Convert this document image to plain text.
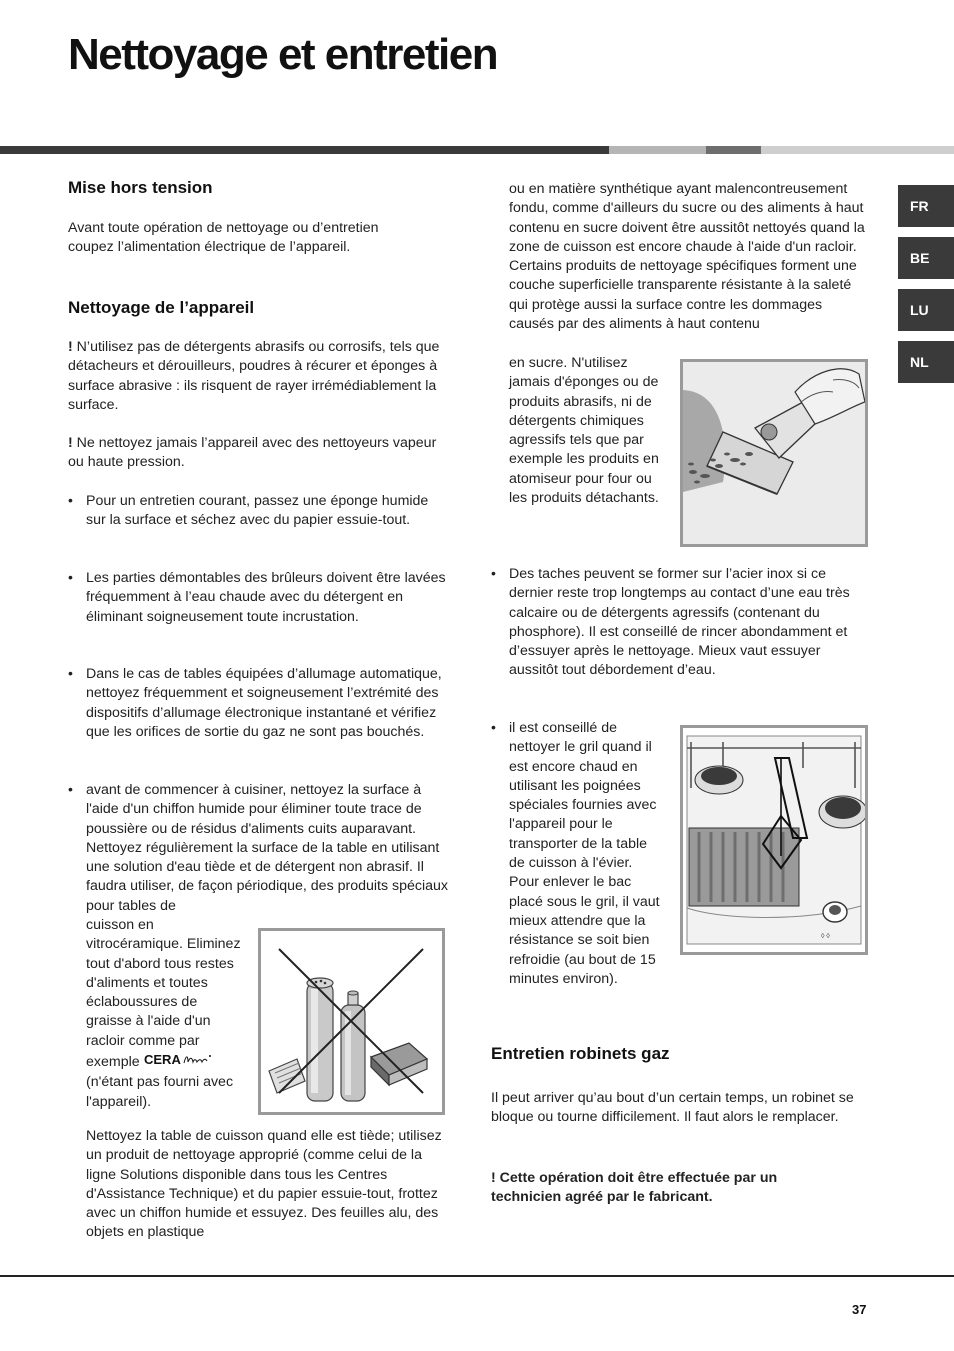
Nettoyage et entretien
FR
BE
LU
NL
Mise hors tension

Avant toute opération de nettoyage ou d’entretien coupez l’alimentation électrique de l’appareil.

Nettoyage de l’appareil

! N’utilisez pas de détergents abrasifs ou corrosifs, tels que détacheurs et dérouilleurs, poudres à récurer et éponges à surface abrasive : ils risquent de rayer irrémédiablement la surface.

! Ne nettoyez jamais l’appareil avec des nettoyeurs vapeur ou haute pression.

• Pour un entretien courant, passez une éponge humide sur la surface et séchez avec du papier essuie-tout.

• Les parties démontables des brûleurs doivent être lavées fréquemment à l’eau chaude avec du détergent en éliminant soigneusement toute incrustation.

• Dans le cas de tables équipées d’allumage automatique, nettoyez fréquemment et soigneusement l’extrémité des dispositifs d’allumage électronique instantané et vérifiez que les orifices de sortie du gaz ne sont pas bouchés.

• avant de commencer à cuisiner, nettoyez la surface à l'aide d'un chiffon humide pour éliminer toute trace de poussière ou de résidus d'aliments cuits auparavant. Nettoyez régulièrement la surface de la table en utilisant une solution d'eau tiède et de détergent non abrasif. Il faudra utiliser, de façon périodique, des produits spéciaux pour tables de

cuisson en vitrocéramique. Eliminez tout d'abord tous restes d'aliments et toutes éclaboussures de graisse à l'aide d'un racloir comme par exemple CERA

(n'étant pas fourni avec l'appareil).

Nettoyez la table de cuisson quand elle est tiède; utilisez un produit de nettoyage approprié (comme celui de la ligne Solutions disponible dans tous les Centres d'Assistance Technique) et du papier essuie-tout, frottez avec un chiffon humide et essuyez. Des feuilles alu, des objets en plastique

ou en matière synthétique ayant malencontreusement fondu, comme d'ailleurs du sucre ou des aliments à haut contenu en sucre doivent être aussitôt nettoyés quand la zone de cuisson est encore chaude à l'aide d'un racloir. Certains produits de nettoyage spécifiques forment une couche superficielle transparente résistante à la saleté qui protège aussi la surface contre les dommages causés par des aliments à haut contenu

en sucre. N'utilisez jamais d'éponges ou de produits abrasifs, ni de détergents chimiques agressifs tels que par exemple les produits en atomiseur pour four ou les produits détachants.

• Des taches peuvent se former sur l’acier inox si ce dernier reste trop longtemps au contact d’une eau très calcaire ou de détergents agressifs (contenant du phosphore). Il est conseillé de rincer abondamment et d’essuyer après le nettoyage. Mieux vaut essuyer aussitôt tout débordement d’eau.

• il est conseillé de nettoyer le gril quand il est encore chaud en utilisant les poignées spéciales fournies avec l'appareil pour le transporter de la table de cuisson à l'évier. Pour enlever le bac placé sous le gril, il vaut mieux attendre que la résistance se soit bien refroidie (au bout de 15 minutes environ).

◊ ◊
Entretien robinets gaz

Il peut arriver qu’au bout d’un certain temps, un robinet se bloque ou tourne difficilement. Il faut alors le remplacer.

! Cette opération doit être effectuée par un technicien agréé par le fabricant.

37
